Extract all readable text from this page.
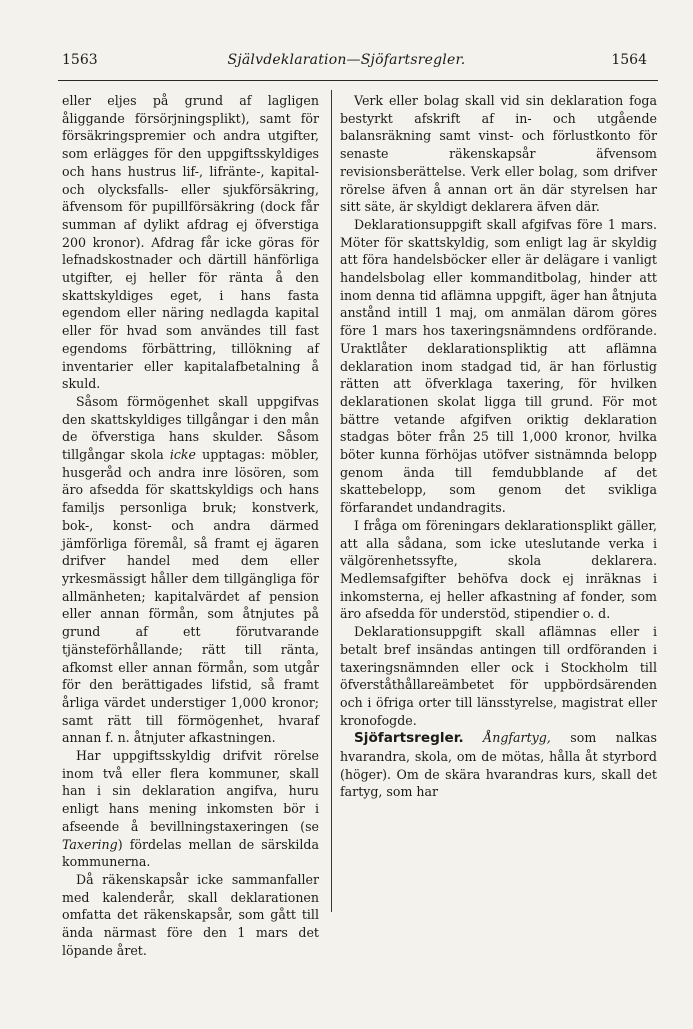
1563	Självdeklaration—Sjöfartsregler.	1564

eller eljes på grund af lagligen åliggande försörjningsplikt), samt för försäkringspremier och andra utgifter, som erlägges för den uppgiftsskyldiges och hans hustrus lif-, lifränte-, kapital- och olycksfalls- eller sjukförsäkring, äfvensom för pupillförsäkring (dock får summan af dylikt afdrag ej öfverstiga 200 kronor). Afdrag får icke göras för lefnadskostnader och därtill hänförliga utgifter, ej heller för ränta å den skattskyldiges eget, i hans fasta egendom eller näring nedlagda kapital eller för hvad som användes till fast egendoms förbättring, tillökning af inventarier eller kapitalafbetalning å skuld.

Såsom förmögenhet skall uppgifvas den skattskyldiges tillgångar i den mån de öfverstiga hans skulder. Såsom tillgångar skola icke upptagas: möbler, husgeråd och andra inre lösören, som äro afsedda för skattskyldigs och hans familjs personliga bruk; konstverk, bok-, konst- och andra därmed jämförliga föremål, så framt ej ägaren drifver handel med dem eller yrkesmässigt håller dem tillgängliga för allmänheten; kapitalvärdet af pension eller annan förmån, som åtnjutes på grund af ett förutvarande tjänsteförhållande; rätt till ränta, afkomst eller annan förmån, som utgår för den berättigades lifstid, så framt årliga värdet understiger 1,000 kronor; samt rätt till förmögenhet, hvaraf annan f. n. åtnjuter afkastningen.

Har uppgiftsskyldig drifvit rörelse inom två eller flera kommuner, skall han i sin deklaration angifva, huru enligt hans mening inkomsten bör i afseende å bevillningstaxeringen (se Taxering) fördelas mellan de särskilda kommunerna.

Då räkenskapsår icke sammanfaller med kalenderår, skall deklarationen omfatta det räkenskapsår, som gått till ända närmast före den 1 mars det löpande året.

Verk eller bolag skall vid sin deklaration foga bestyrkt afskrift af in- och utgående balansräkning samt vinst- och förlustkonto för senaste räkenskapsår äfvensom revisionsberättelse. Verk eller bolag, som drifver rörelse äfven å annan ort än där styrelsen har sitt säte, är skyldigt deklarera äfven där.

Deklarationsuppgift skall afgifvas före 1 mars. Möter för skattskyldig, som enligt lag är skyldig att föra handelsböcker eller är delägare i vanligt handelsbolag eller kommanditbolag, hinder att inom denna tid aflämna uppgift, äger han åtnjuta anstånd intill 1 maj, om anmälan därom göres före 1 mars hos taxeringsnämndens ordförande. Uraktlåter deklarationspliktig att aflämna deklaration inom stadgad tid, är han förlustig rätten att öfverklaga taxering, för hvilken deklarationen skolat ligga till grund. För mot bättre vetande afgifven oriktig deklaration stadgas böter från 25 till 1,000 kronor, hvilka böter kunna förhöjas utöfver sistnämnda belopp genom ända till femdubblande af det skattebelopp, som genom det svikliga förfarandet undandragits.

I fråga om föreningars deklarationsplikt gäller, att alla sådana, som icke uteslutande verka i välgörenhetssyfte, skola deklarera. Medlemsafgifter behöfva dock ej inräknas i inkomsterna, ej heller afkastning af fonder, som äro afsedda för understöd, stipendier o. d.

Deklarationsuppgift skall aflämnas eller i betalt bref insändas antingen till ordföranden i taxeringsnämnden eller ock i Stockholm till öfverståthållareämbetet för uppbördsärenden och i öfriga orter till länsstyrelse, magistrat eller kronofogde.

Sjöfartsregler. Ångfartyg, som nalkas hvarandra, skola, om de mötas, hålla åt styrbord (höger). Om de skära hvarandras kurs, skall det fartyg, som har
